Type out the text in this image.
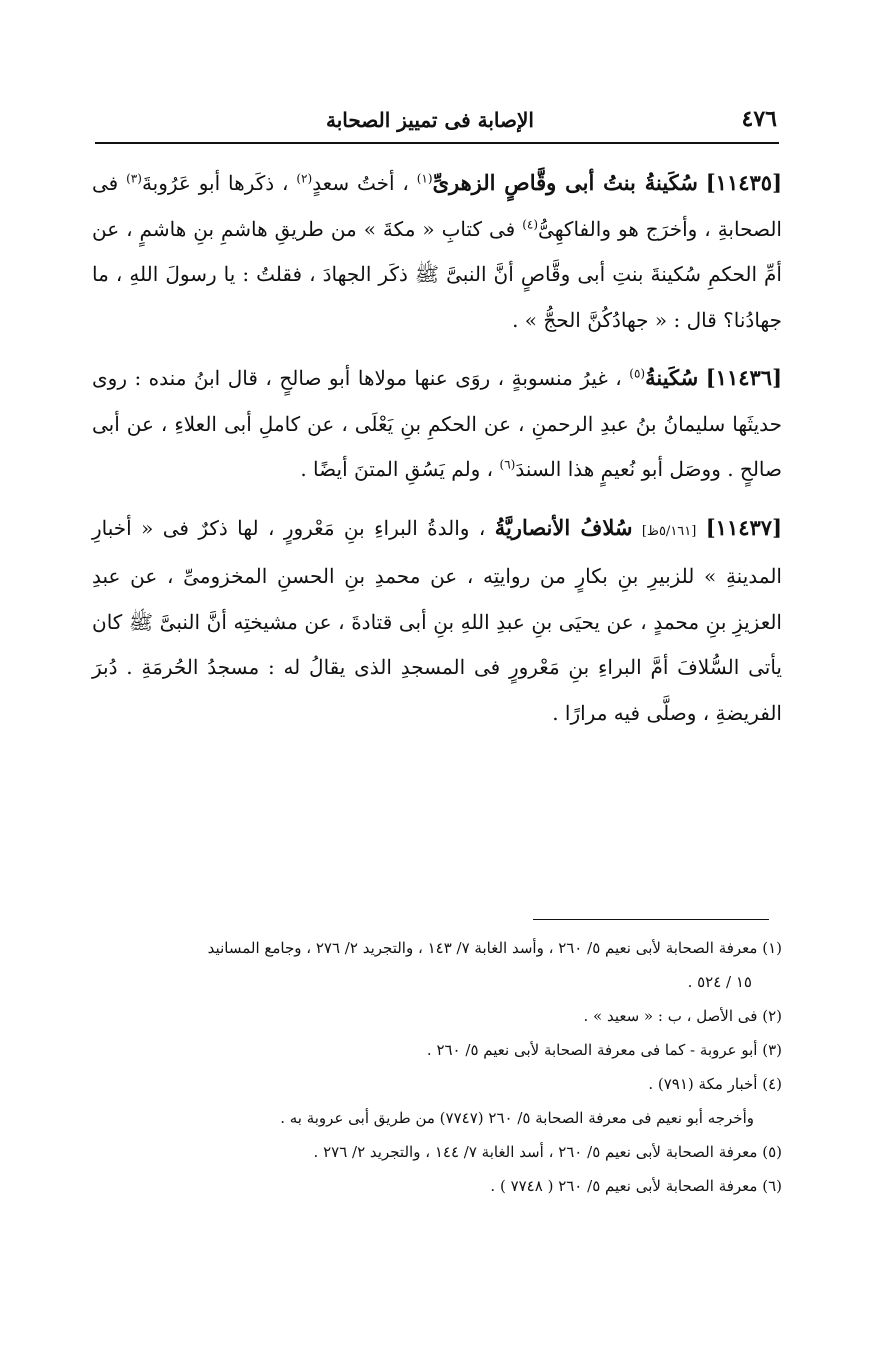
٤٧٦
الإصابة فى تمييز الصحابة

[١١٤٣٥] سُكَينةُ بنتُ أبى وقَّاصٍ الزهرىِّ$^{(١)}$ ، أختُ سعدٍ$^{(٢)}$ ، ذكَرها أبو عَرُوبةَ$^{(٣)}$ فى الصحابةِ ، وأخرَج هو والفاكهِىُّ$^{(٤)}$ فى كتابِ « مكةَ » من طريقِ هاشمِ بنِ هاشمٍ ، عن أمِّ الحكمِ سُكينةَ بنتِ أبى وقَّاصٍ أنَّ النبىَّ ﷺ ذكَر الجهادَ ، فقلتُ : يا رسولَ اللهِ ، ما جهادُنا؟ قال : « جهادُكُنَّ الحجُّ » .

[١١٤٣٦] سُكَينةُ$^{(٥)}$ ، غيرُ منسوبةٍ ، روَى عنها مولاها أبو صالحٍ ، قال ابنُ منده : روى حديثَها سليمانُ بنُ عبدِ الرحمنِ ، عن الحكمِ بنِ يَعْلَى ، عن كاملِ أبى العلاءِ ، عن أبى صالحٍ . ووصَل أبو نُعيمٍ هذا السندَ$^{(٦)}$ ، ولم يَسُقِ المتنَ أيضًا .

[١١٤٣٧] [٥/١٦١ظ] سُلافُ الأنصاريَّةُ ، والدةُ البراءِ بنِ مَعْرورٍ ، لها ذكرٌ فى « أخبارِ المدينةِ » للزبيرِ بنِ بكارٍ من روايتِه ، عن محمدِ بنِ الحسنِ المخزومىِّ ، عن عبدِ العزيزِ بنِ محمدٍ ، عن يحيَى بنِ عبدِ اللهِ بنِ أبى قتادةَ ، عن مشيختِه أنَّ النبىَّ ﷺ كان يأتى السُّلافَ أمَّ البراءِ بنِ مَعْرورٍ فى المسجدِ الذى يقالُ له : مسجدُ الحُرمَةِ . دُبرَ الفريضةِ ، وصلَّى فيه مرارًا .

(١) معرفة الصحابة لأبى نعيم ٥/ ٢٦٠ ، وأسد الغابة ٧/ ١٤٣ ، والتجريد ٢/ ٢٧٦ ، وجامع المسانيد

١٥ / ٥٢٤ .

(٢) فى الأصل ، ب : « سعيد » .

(٣) أبو عروبة - كما فى معرفة الصحابة لأبى نعيم ٥/ ٢٦٠ .

(٤) أخبار مكة (٧٩١) .

وأخرجه أبو نعيم فى معرفة الصحابة ٥/ ٢٦٠ (٧٧٤٧) من طريق أبى عروبة به .

(٥) معرفة الصحابة لأبى نعيم ٥/ ٢٦٠ ، أسد الغابة ٧/ ١٤٤ ، والتجريد ٢/ ٢٧٦ .

(٦) معرفة الصحابة لأبى نعيم ٥/ ٢٦٠ ( ٧٧٤٨ ) .
